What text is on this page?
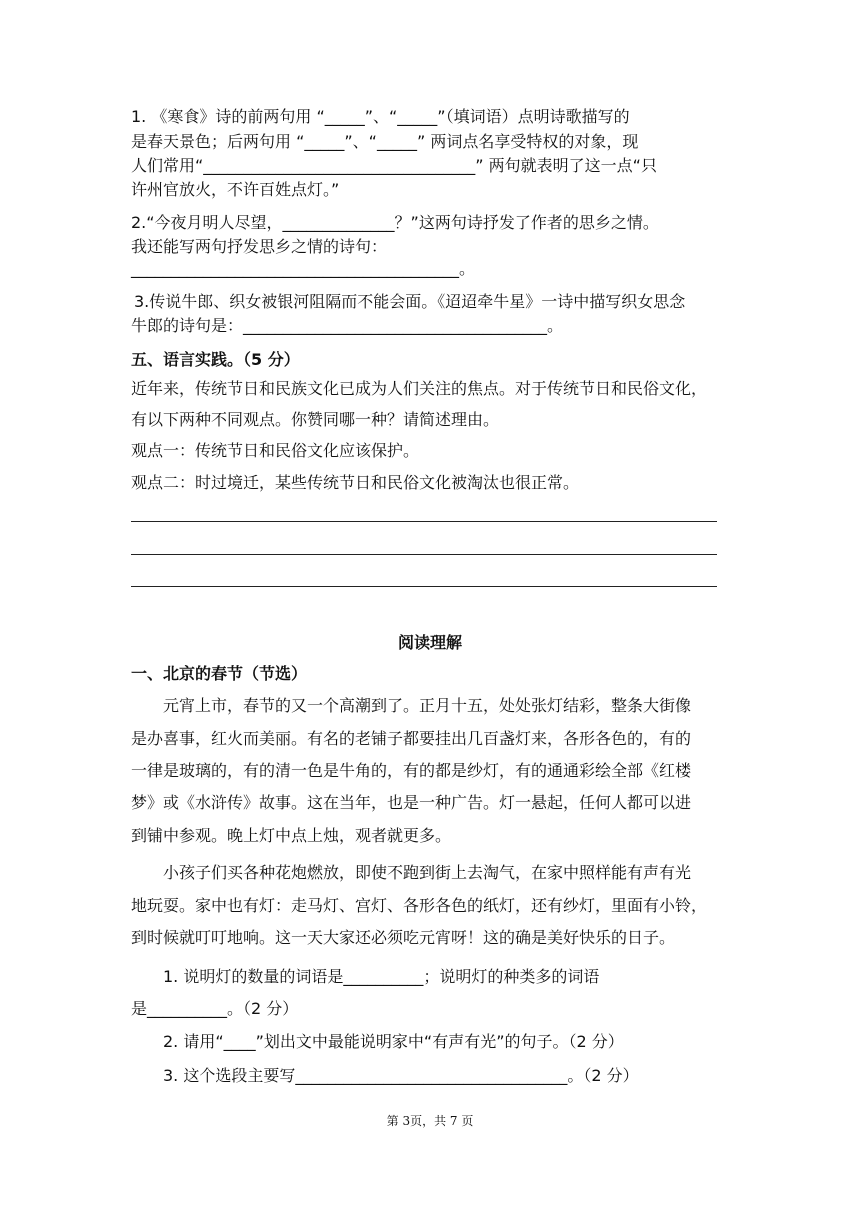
1. 《寒食》诗的前两句用 “_____”、“_____”（填词语）点明诗歌描写的
是春天景色；后两句用 “_____”、“_____” 两词点名享受特权的对象，现
人们常用“__________________________________” 两句就表明了这一点“只
许州官放火，不许百姓点灯。”
2.“今夜月明人尽望，______________？”这两句诗抒发了作者的思乡之情。
我还能写两句抒发思乡之情的诗句：
_________________________________________。
3.传说牛郎、织女被银河阻隔而不能会面。《迢迢牵牛星》一诗中描写织女思念
牛郎的诗句是：______________________________________。
五、语言实践。（5 分）
近年来，传统节日和民族文化已成为人们关注的焦点。对于传统节日和民俗文化，
有以下两种不同观点。你赞同哪一种？请简述理由。
观点一：传统节日和民俗文化应该保护。
观点二：时过境迁，某些传统节日和民俗文化被淘汰也很正常。
阅读理解
一、北京的春节（节选）
元宵上市，春节的又一个高潮到了。正月十五，处处张灯结彩，整条大街像
是办喜事，红火而美丽。有名的老铺子都要挂出几百盏灯来，各形各色的，有的
一律是玻璃的，有的清一色是牛角的，有的都是纱灯，有的通通彩绘全部《红楼
梦》或《水浒传》故事。这在当年，也是一种广告。灯一悬起，任何人都可以进
到铺中参观。晚上灯中点上烛，观者就更多。
小孩子们买各种花炮燃放，即使不跑到街上去淘气，在家中照样能有声有光
地玩耍。家中也有灯：走马灯、宫灯、各形各色的纸灯，还有纱灯，里面有小铃，
到时候就叮叮地响。这一天大家还必须吃元宵呀！这的确是美好快乐的日子。
1. 说明灯的数量的词语是__________；说明灯的种类多的词语
是__________。（2 分）
2. 请用“____”划出文中最能说明家中“有声有光”的句子。（2 分）
3. 这个选段主要写__________________________________。（2 分）
第 3页，共 7 页
